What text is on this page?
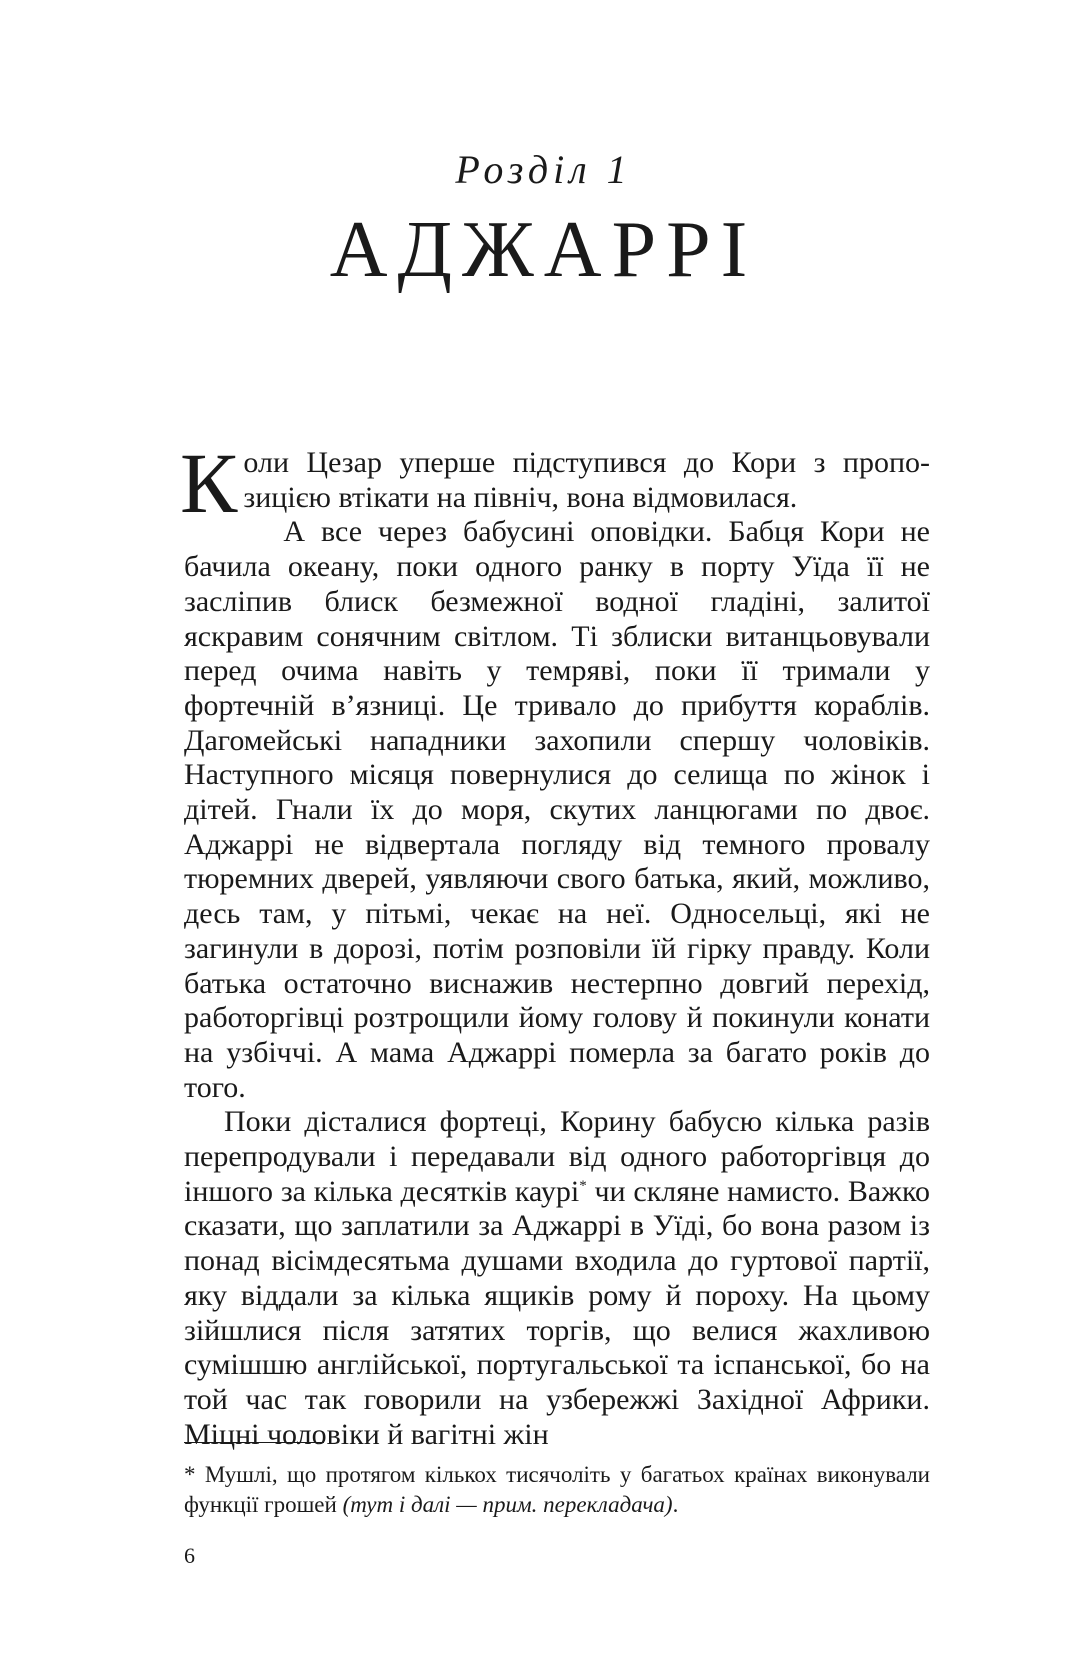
Розділ 1
АДЖАРРІ

Коли Цезар уперше підступився до Кори з пропозицією втікати на північ, вона відмовилася.

А все через бабусині оповідки. Бабця Кори не бачила океану, поки одного ранку в порту Уїда її не засліпив блиск безмежної водної гладіні, залитої яскравим сонячним світлом. Ті зблиски витанцьовували перед очима навіть у темряві, поки її тримали у фортечній в’язниці. Це тривало до прибуття кораблів. Дагомейські нападники захопили спершу чоловіків. Наступного місяця повернулися до селища по жінок і дітей. Гнали їх до моря, скутих ланцюгами по двоє. Аджаррі не відвертала погляду від темного провалу тюремних дверей, уявляючи свого батька, який, можливо, десь там, у пітьмі, чекає на неї. Односельці, які не загинули в дорозі, потім розповіли їй гірку правду. Коли батька остаточно виснажив нестерпно довгий перехід, работоргівці розтрощили йому голову й покинули конати на узбіччі. А мама Аджаррі померла за багато років до того.

Поки дісталися фортеці, Корину бабусю кілька разів перепродували і передавали від одного работоргівця до іншого за кілька десятків каурі* чи скляне намисто. Важко сказати, що заплатили за Аджаррі в Уїді, бо вона разом із понад вісімдесятьма душами входила до гуртової партії, яку віддали за кілька ящиків рому й пороху. На цьому зійшлися після затятих торгів, що велися жахливою сумішшю англійської, португальської та іспанської, бо на той час так говорили на узбережжі Західної Африки. Міцні чоловіки й вагітні жін

* Мушлі, що протягом кількох тисячоліть у багатьох країнах виконували функції грошей (тут і далі — прим. перекладача).
6
